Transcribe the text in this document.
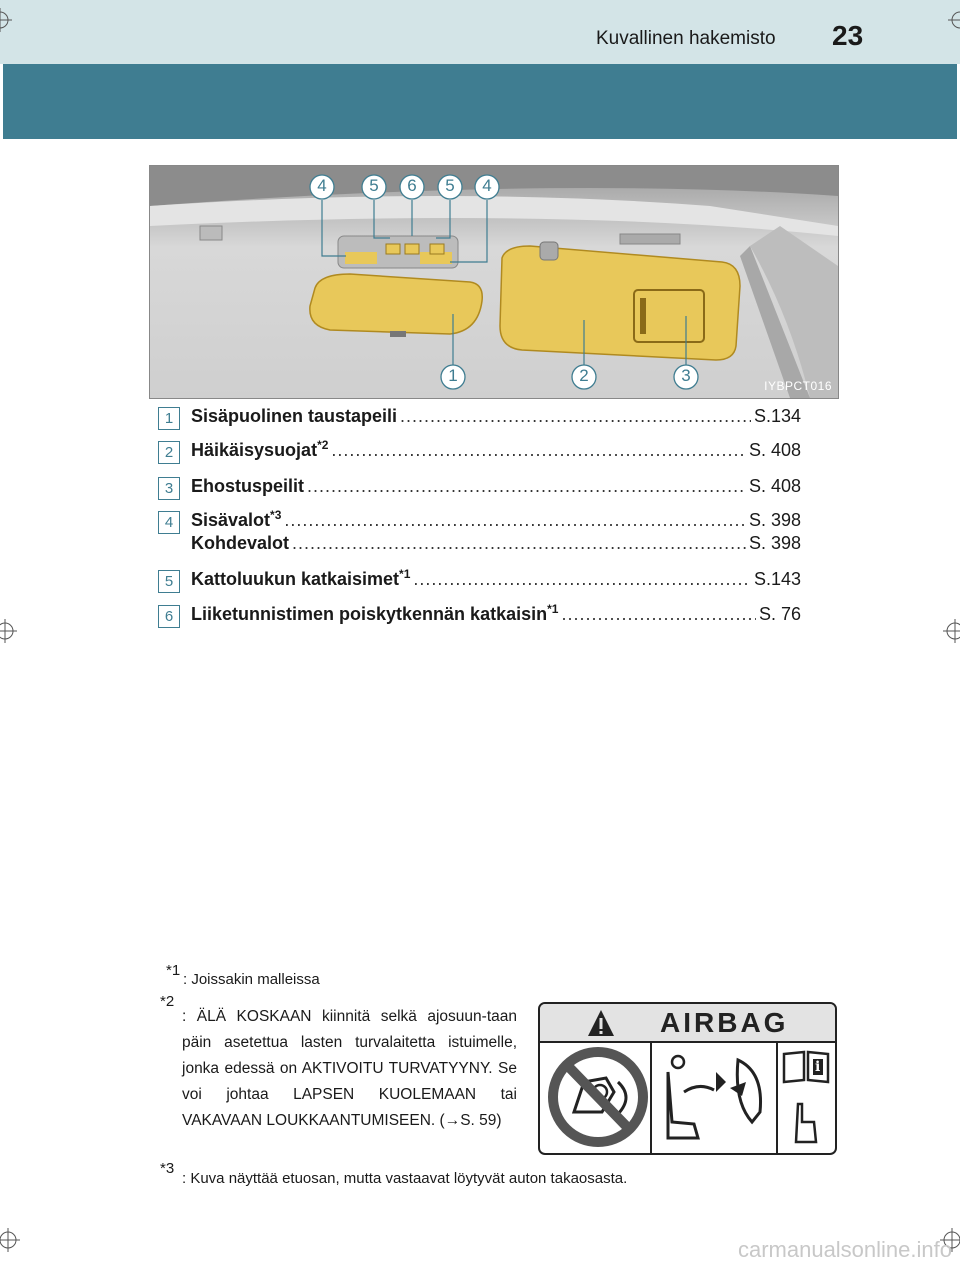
Kuvallinen hakemisto 23
4	5 6 5 4
1	2	3
IYBPCT016
1 Sisäpuolinen taustapeili .....	S.134
2 Häikäisysuojat$^{*2}$ .....	S. 408
3 Ehostuspeilit .....	S. 408
4 Sisävalot$^{*3}$ .....	S. 398
Kohdevalot .....	S. 398
5 Kattoluukun katkaisimet$^{*1}$ .....	S.143
6 Liiketunnistimen poiskytkennän katkaisin$^{*1}$ .....	S. 76
*1
: Joissakin malleissa
*2
: ÄLÄ KOSKAAN kiinnitä selkä ajosuun-taan päin asetettua lasten turvalaitetta istuimelle, jonka edessä on AKTIVOITU TURVATYYNY. Se voi johtaa LAPSEN KUOLEMAAN tai VAKAVAAN LOUKKAANTUMISEEN. (→S. 59)
*3
: Kuva näyttää etuosan, mutta vastaavat löytyvät auton takaosasta.
AIRBAG
i
carmanualsonline.info
